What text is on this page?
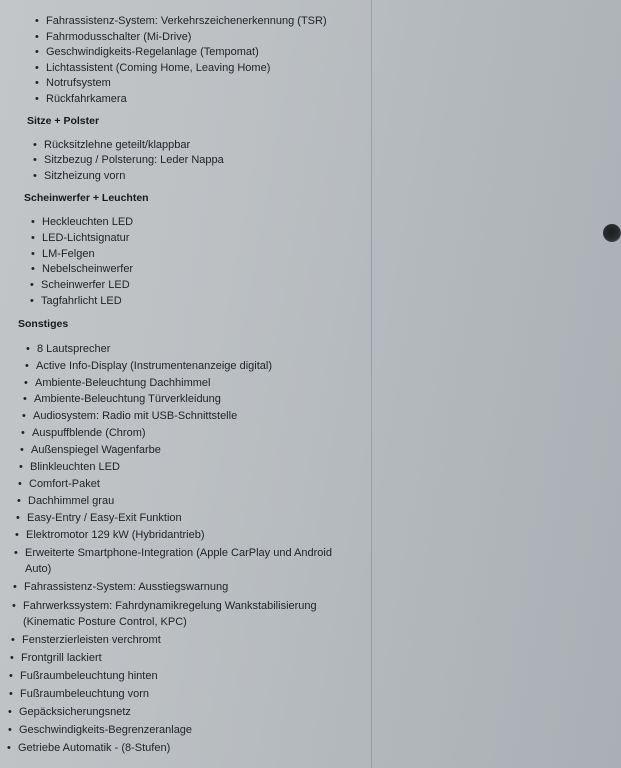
• Fahrassistenz-System: Verkehrszeichenerkennung (TSR)
• Fahrmodusschalter (Mi-Drive)
• Geschwindigkeits-Regelanlage (Tempomat)
• Lichtassistent (Coming Home, Leaving Home)
• Notrufsystem
• Rückfahrkamera
Sitze + Polster
• Rücksitzlehne geteilt/klappbar
• Sitzbezug / Polsterung: Leder Nappa
• Sitzheizung vorn
Scheinwerfer + Leuchten
• Heckleuchten LED
• LED-Lichtsignatur
• LM-Felgen
• Nebelscheinwerfer
• Scheinwerfer LED
• Tagfahrlicht LED
Sonstiges
• 8 Lautsprecher
• Active Info-Display (Instrumentenanzeige digital)
• Ambiente-Beleuchtung Dachhimmel
• Ambiente-Beleuchtung Türverkleidung
• Audiosystem: Radio mit USB-Schnittstelle
• Auspuffblende (Chrom)
• Außenspiegel Wagenfarbe
• Blinkleuchten LED
• Comfort-Paket
• Dachhimmel grau
• Easy-Entry / Easy-Exit Funktion
• Elektromotor 129 kW (Hybridantrieb)
• Erweiterte Smartphone-Integration (Apple CarPlay und Android
Auto)
• Fahrassistenz-System: Ausstiegswarnung
• Fahrwerkssystem: Fahrdynamikregelung Wankstabilisierung
(Kinematic Posture Control, KPC)
• Fensterzierleisten verchromt
• Frontgrill lackiert
• Fußraumbeleuchtung hinten
• Fußraumbeleuchtung vorn
• Gepäcksicherungsnetz
• Geschwindigkeits-Begrenzeranlage
• Getriebe Automatik - (8-Stufen)
